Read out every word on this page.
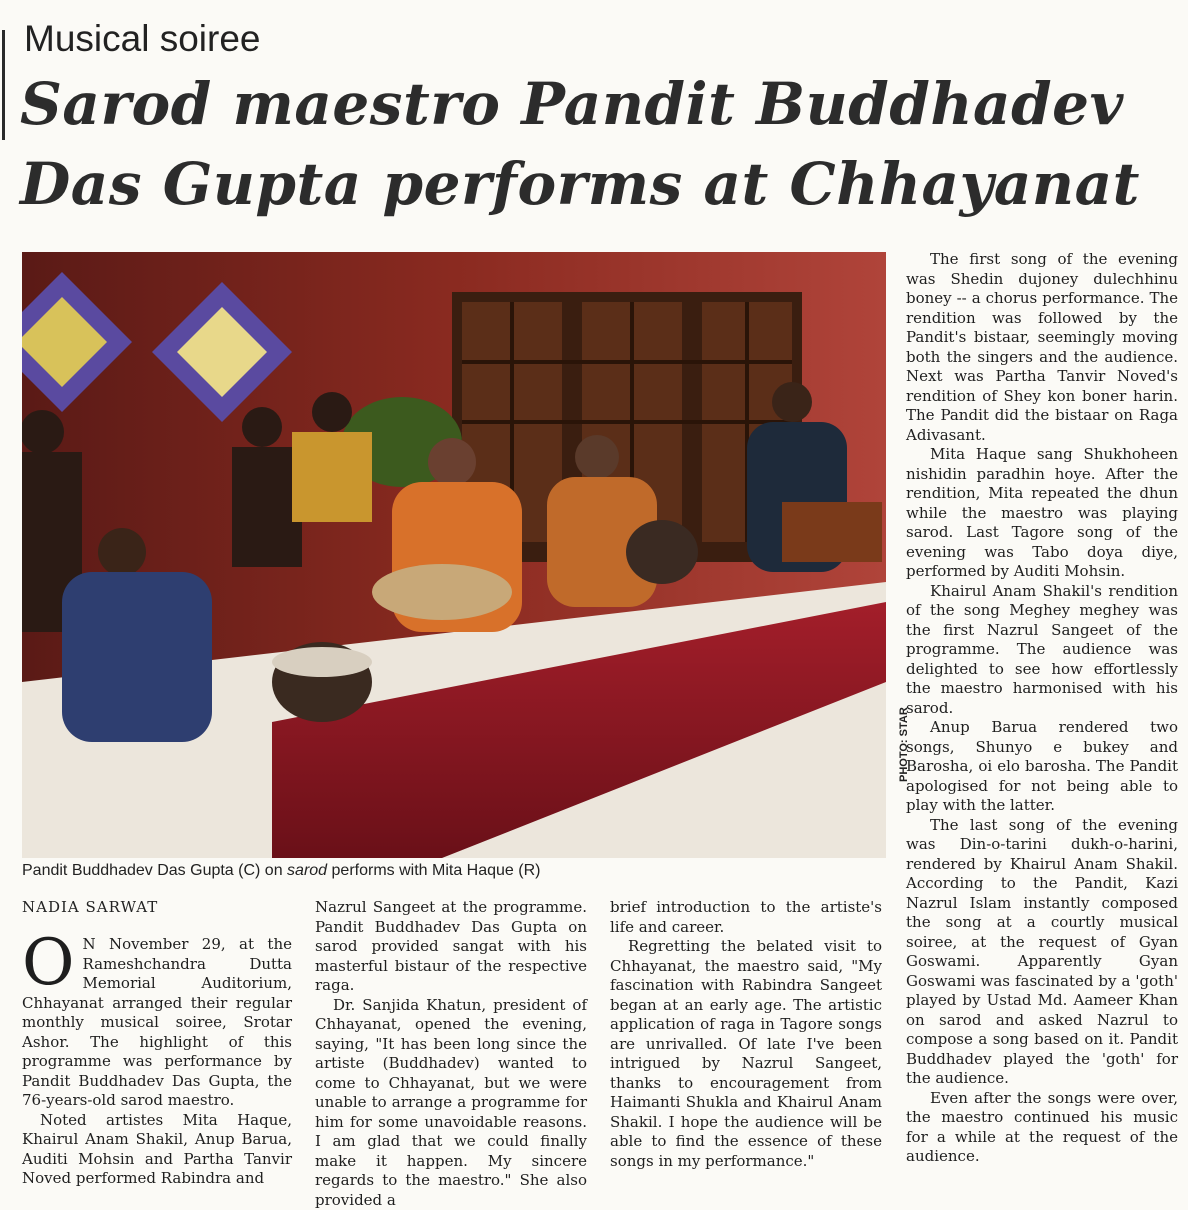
Musical soiree
Sarod maestro Pandit Buddhadev Das Gupta performs at Chhayanat
PHOTO: STAR
Pandit Buddhadev Das Gupta (C) on sarod performs with Mita Haque (R)
NADIA SARWAT
O N November 29, at the Rameshchandra Dutta Memorial Auditorium, Chhayanat arranged their regular monthly musical soiree, Srotar Ashor. The highlight of this programme was performance by Pandit Buddhadev Das Gupta, the 76-years-old sarod maestro.

Noted artistes Mita Haque, Khairul Anam Shakil, Anup Barua, Auditi Mohsin and Partha Tanvir Noved performed Rabindra and

Nazrul Sangeet at the programme. Pandit Buddhadev Das Gupta on sarod provided sangat with his masterful bistaur of the respective raga.

Dr. Sanjida Khatun, president of Chhayanat, opened the evening, saying, "It has been long since the artiste (Buddhadev) wanted to come to Chhayanat, but we were unable to arrange a programme for him for some unavoidable reasons. I am glad that we could finally make it happen. My sincere regards to the maestro." She also provided a

brief introduction to the artiste's life and career.

Regretting the belated visit to Chhayanat, the maestro said, "My fascination with Rabindra Sangeet began at an early age. The artistic application of raga in Tagore songs are unrivalled. Of late I've been intrigued by Nazrul Sangeet, thanks to encouragement from Haimanti Shukla and Khairul Anam Shakil. I hope the audience will be able to find the essence of these songs in my performance."

The first song of the evening was Shedin dujoney dulechhinu boney -- a chorus performance. The rendition was followed by the Pandit's bistaar, seemingly moving both the singers and the audience. Next was Partha Tanvir Noved's rendition of Shey kon boner harin. The Pandit did the bistaar on Raga Adivasant.

Mita Haque sang Shukhoheen nishidin paradhin hoye. After the rendition, Mita repeated the dhun while the maestro was playing sarod. Last Tagore song of the evening was Tabo doya diye, performed by Auditi Mohsin.

Khairul Anam Shakil's rendition of the song Meghey meghey was the first Nazrul Sangeet of the programme. The audience was delighted to see how effortlessly the maestro harmonised with his sarod.

Anup Barua rendered two songs, Shunyo e bukey and Barosha, oi elo barosha. The Pandit apologised for not being able to play with the latter.

The last song of the evening was Din-o-tarini dukh-o-harini, rendered by Khairul Anam Shakil. According to the Pandit, Kazi Nazrul Islam instantly composed the song at a courtly musical soiree, at the request of Gyan Goswami. Apparently Gyan Goswami was fascinated by a 'goth' played by Ustad Md. Aameer Khan on sarod and asked Nazrul to compose a song based on it. Pandit Buddhadev played the 'goth' for the audience.

Even after the songs were over, the maestro continued his music for a while at the request of the audience.
